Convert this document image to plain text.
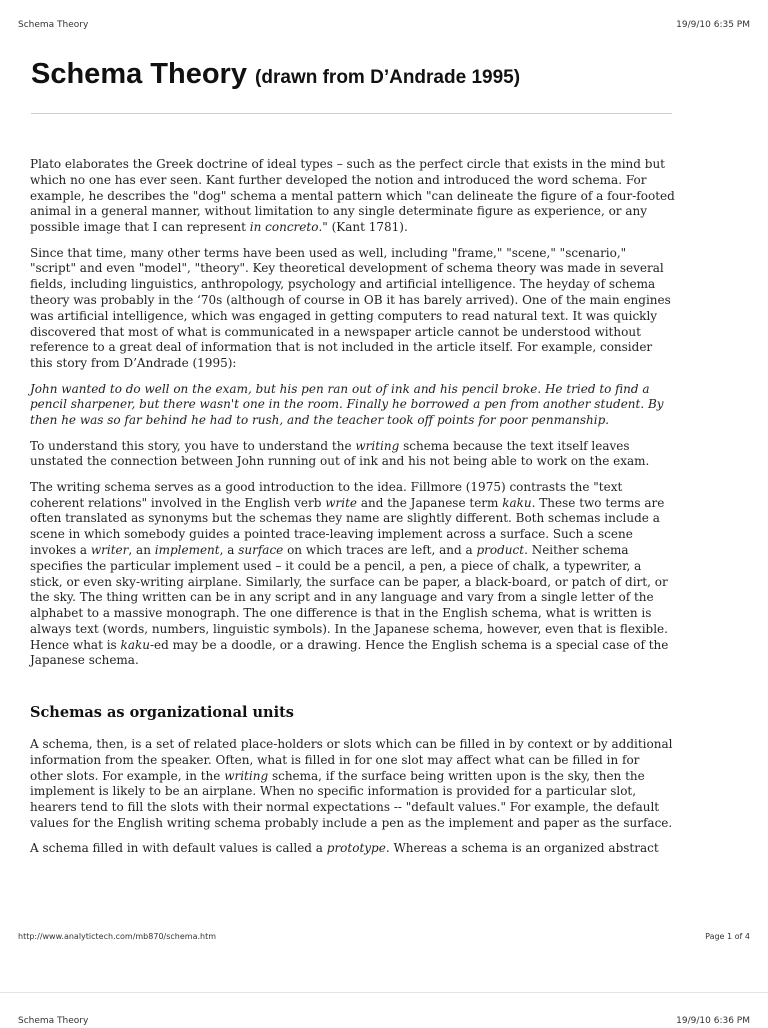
Schema Theory	19/9/10 6:35 PM
Schema Theory (drawn from D’Andrade 1995)

Plato elaborates the Greek doctrine of ideal types – such as the perfect circle that exists in the mind but which no one has ever seen. Kant further developed the notion and introduced the word schema. For example, he describes the "dog" schema a mental pattern which "can delineate the figure of a four-footed animal in a general manner, without limitation to any single determinate figure as experience, or any possible image that I can represent in concreto." (Kant 1781).

Since that time, many other terms have been used as well, including "frame," "scene," "scenario," "script" and even "model", "theory". Key theoretical development of schema theory was made in several fields, including linguistics, anthropology, psychology and artificial intelligence. The heyday of schema theory was probably in the ‘70s (although of course in OB it has barely arrived). One of the main engines was artificial intelligence, which was engaged in getting computers to read natural text. It was quickly discovered that most of what is communicated in a newspaper article cannot be understood without reference to a great deal of information that is not included in the article itself. For example, consider this story from D’Andrade (1995):

John wanted to do well on the exam, but his pen ran out of ink and his pencil broke. He tried to find a pencil sharpener, but there wasn't one in the room. Finally he borrowed a pen from another student. By then he was so far behind he had to rush, and the teacher took off points for poor penmanship.

To understand this story, you have to understand the writing schema because the text itself leaves unstated the connection between John running out of ink and his not being able to work on the exam.

The writing schema serves as a good introduction to the idea. Fillmore (1975) contrasts the "text coherent relations" involved in the English verb write and the Japanese term kaku. These two terms are often translated as synonyms but the schemas they name are slightly different. Both schemas include a scene in which somebody guides a pointed trace-leaving implement across a surface. Such a scene invokes a writer, an implement, a surface on which traces are left, and a product. Neither schema specifies the particular implement used – it could be a pencil, a pen, a piece of chalk, a typewriter, a stick, or even sky-writing airplane. Similarly, the surface can be paper, a black-board, or patch of dirt, or the sky. The thing written can be in any script and in any language and vary from a single letter of the alphabet to a massive monograph. The one difference is that in the English schema, what is written is always text (words, numbers, linguistic symbols). In the Japanese schema, however, even that is flexible. Hence what is kaku-ed may be a doodle, or a drawing. Hence the English schema is a special case of the Japanese schema.

Schemas as organizational units

A schema, then, is a set of related place-holders or slots which can be filled in by context or by additional information from the speaker. Often, what is filled in for one slot may affect what can be filled in for other slots. For example, in the writing schema, if the surface being written upon is the sky, then the implement is likely to be an airplane. When no specific information is provided for a particular slot, hearers tend to fill the slots with their normal expectations -- "default values." For example, the default values for the English writing schema probably include a pen as the implement and paper as the surface.

A schema filled in with default values is called a prototype. Whereas a schema is an organized abstract

http://www.analytictech.com/mb870/schema.htm	Page 1 of 4
Schema Theory	19/9/10 6:36 PM
